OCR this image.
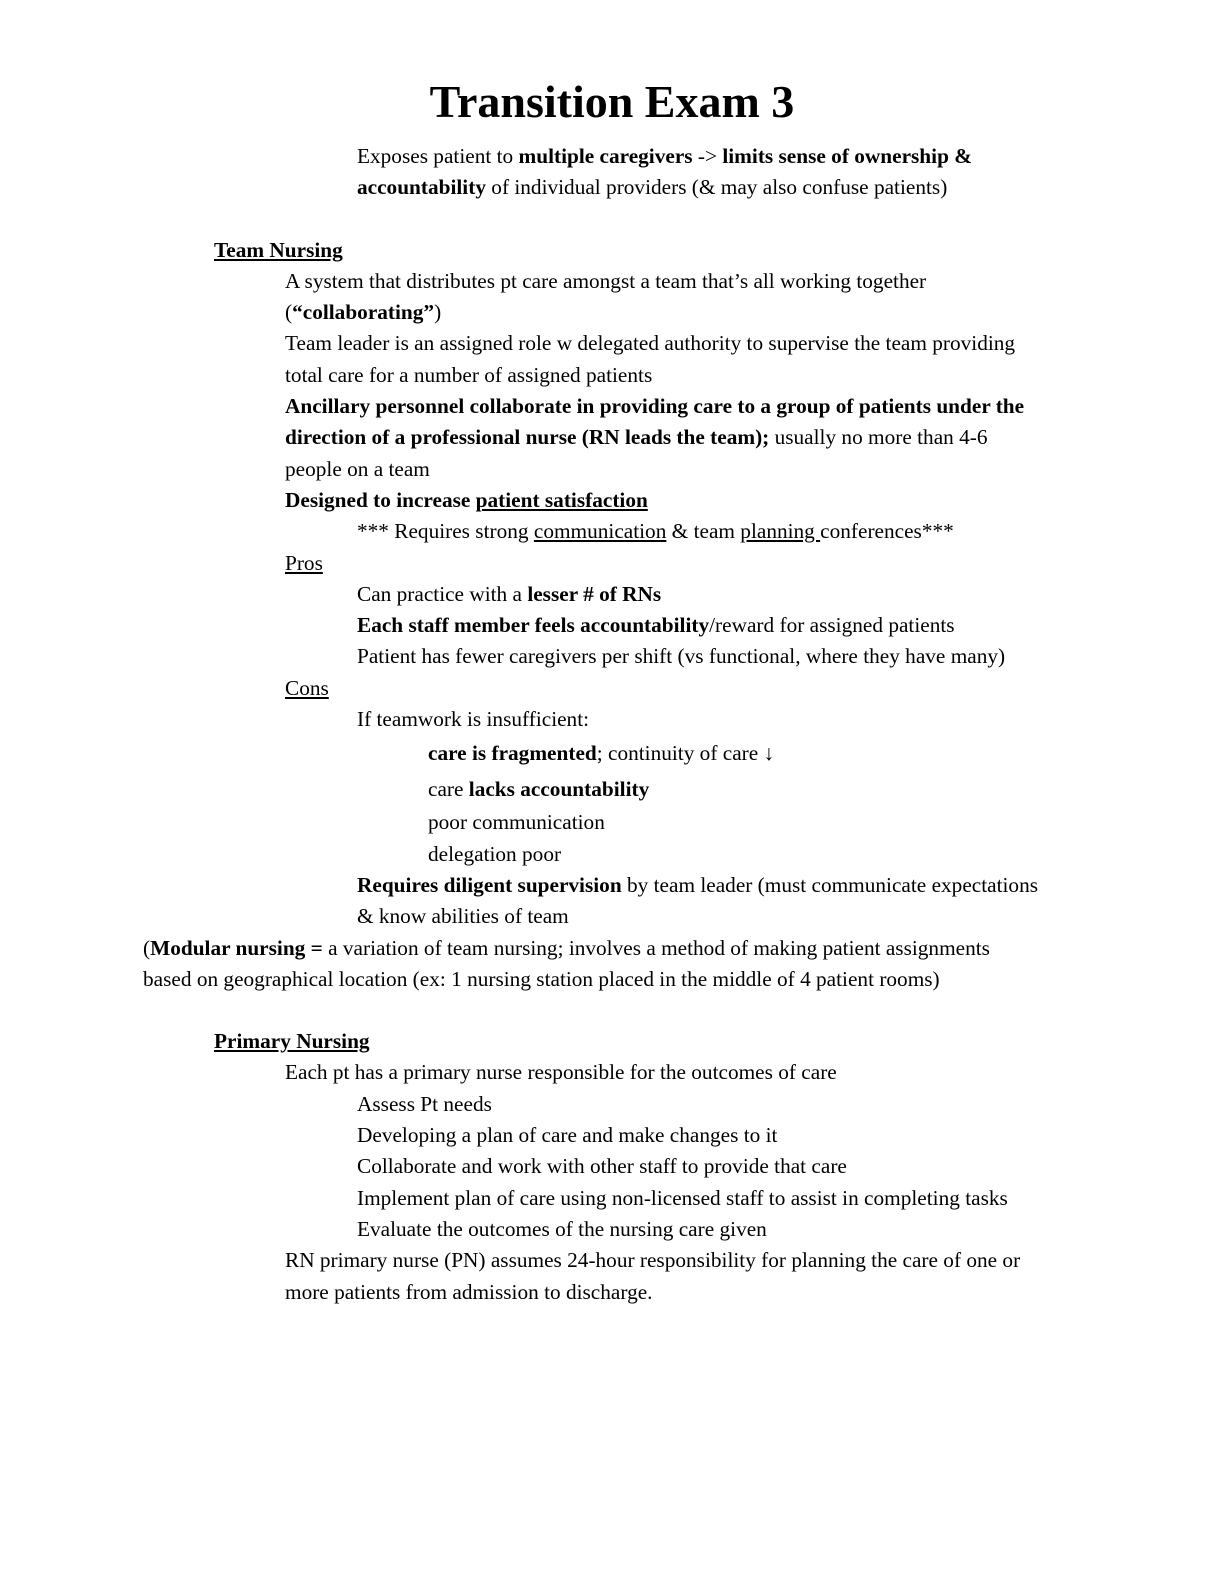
Transition Exam 3
Exposes patient to multiple caregivers -> limits sense of ownership & accountability of individual providers (& may also confuse patients)
Team Nursing
A system that distributes pt care amongst a team that’s all working together (“collaborating”)
Team leader is an assigned role w delegated authority to supervise the team providing total care for a number of assigned patients
Ancillary personnel collaborate in providing care to a group of patients under the direction of a professional nurse (RN leads the team); usually no more than 4-6 people on a team
Designed to increase patient satisfaction
*** Requires strong communication & team planning conferences***
Pros
Can practice with a lesser # of RNs
Each staff member feels accountability/reward for assigned patients
Patient has fewer caregivers per shift (vs functional, where they have many)
Cons
If teamwork is insufficient:
care is fragmented; continuity of care ↓
care lacks accountability
poor communication
delegation poor
Requires diligent supervision by team leader (must communicate expectations & know abilities of team
(Modular nursing = a variation of team nursing; involves a method of making patient assignments based on geographical location (ex: 1 nursing station placed in the middle of 4 patient rooms)
Primary Nursing
Each pt has a primary nurse responsible for the outcomes of care
Assess Pt needs
Developing a plan of care and make changes to it
Collaborate and work with other staff to provide that care
Implement plan of care using non-licensed staff to assist in completing tasks
Evaluate the outcomes of the nursing care given
RN primary nurse (PN) assumes 24-hour responsibility for planning the care of one or more patients from admission to discharge.
